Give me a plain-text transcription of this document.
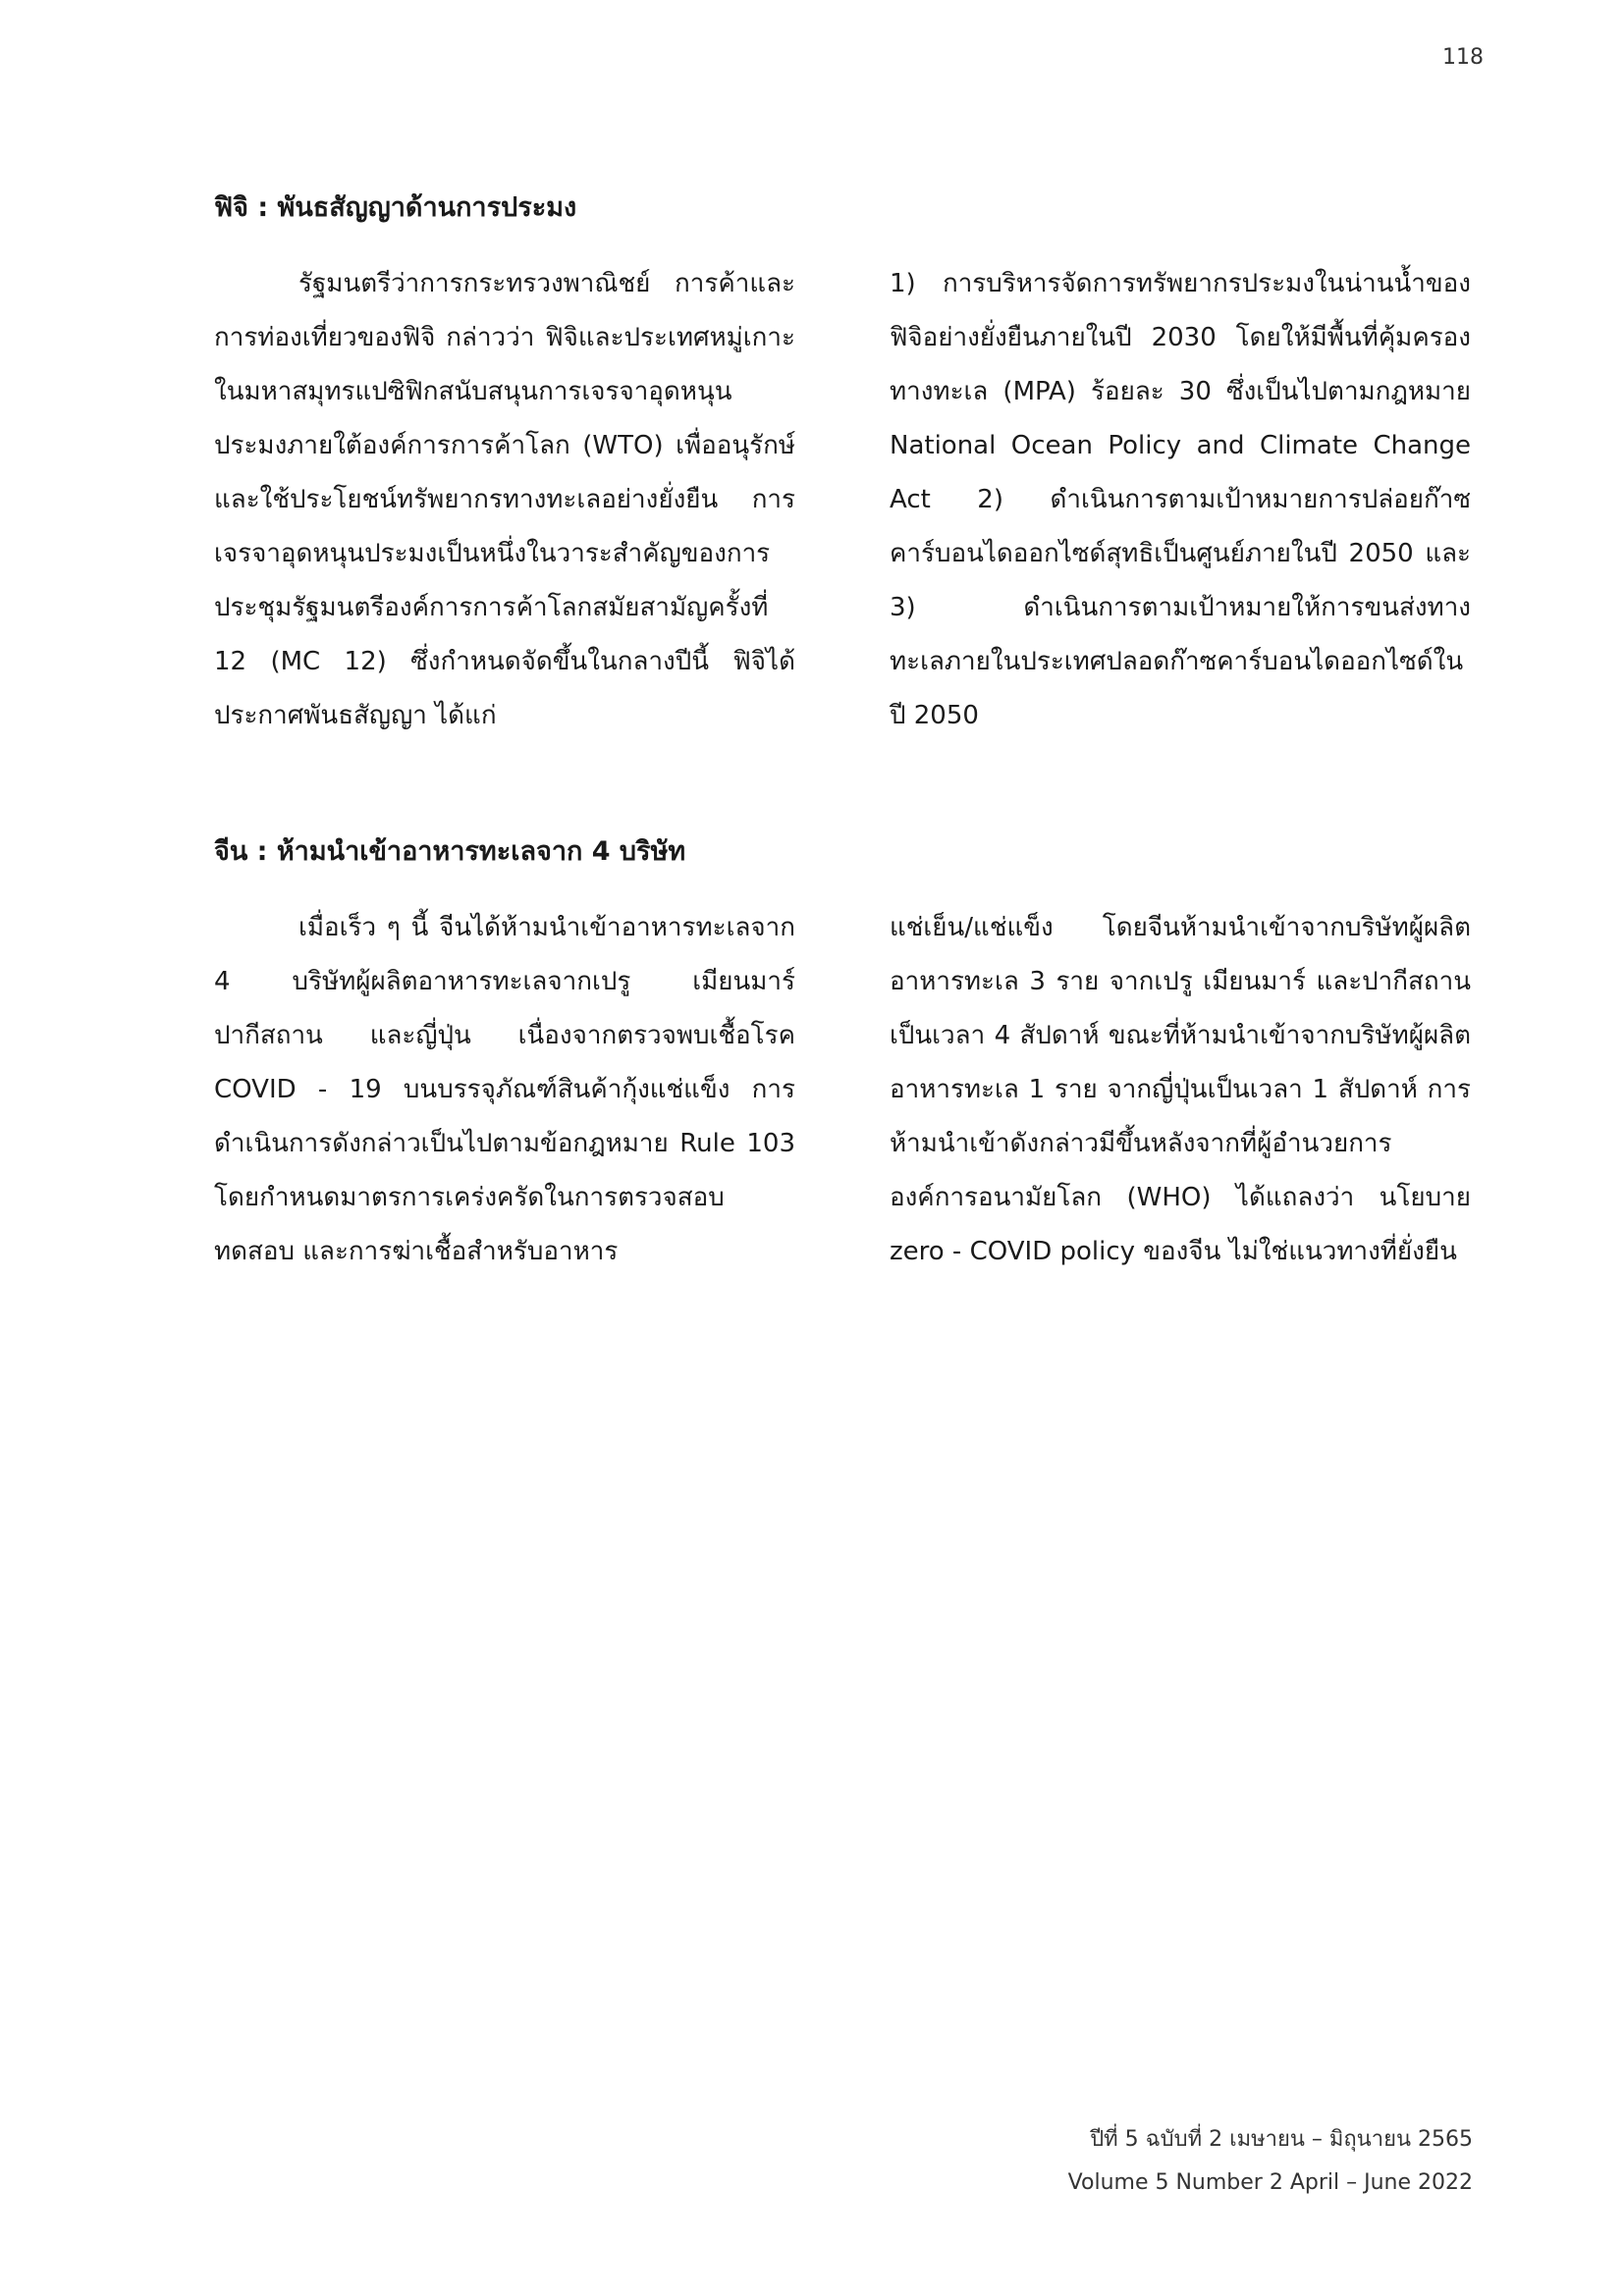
118
ฟิจิ : พันธสัญญาด้านการประมง

รัฐมนตรีว่าการกระทรวงพาณิชย์ การค้าและการท่องเที่ยวของฟิจิ กล่าวว่า ฟิจิและประเทศหมู่เกาะในมหาสมุทรแปซิฟิกสนับสนุนการเจรจาอุดหนุนประมงภายใต้องค์การการค้าโลก (WTO) เพื่ออนุรักษ์และใช้ประโยชน์ทรัพยากรทางทะเลอย่างยั่งยืน การเจรจาอุดหนุนประมงเป็นหนึ่งในวาระสำคัญของการประชุมรัฐมนตรีองค์การการค้าโลกสมัยสามัญครั้งที่ 12 (MC 12) ซึ่งกำหนดจัดขึ้นในกลางปีนี้ ฟิจิได้ประกาศพันธสัญญา ได้แก่

1) การบริหารจัดการทรัพยากรประมงในน่านน้ำของฟิจิอย่างยั่งยืนภายในปี 2030 โดยให้มีพื้นที่คุ้มครองทางทะเล (MPA) ร้อยละ 30 ซึ่งเป็นไปตามกฎหมาย National Ocean Policy and Climate Change Act 2) ดำเนินการตามเป้าหมายการปล่อยก๊าซคาร์บอนไดออกไซด์สุทธิเป็นศูนย์ภายในปี 2050 และ 3) ดำเนินการตามเป้าหมายให้การขนส่งทางทะเลภายในประเทศปลอดก๊าซคาร์บอนไดออกไซด์ในปี 2050

จีน : ห้ามนำเข้าอาหารทะเลจาก 4 บริษัท

เมื่อเร็ว ๆ นี้ จีนได้ห้ามนำเข้าอาหารทะเลจาก 4 บริษัทผู้ผลิตอาหารทะเลจากเปรู เมียนมาร์ ปากีสถาน และญี่ปุ่น เนื่องจากตรวจพบเชื้อโรค COVID - 19 บนบรรจุภัณฑ์สินค้ากุ้งแช่แข็ง การดำเนินการดังกล่าวเป็นไปตามข้อกฎหมาย Rule 103 โดยกำหนดมาตรการเคร่งครัดในการตรวจสอบ ทดสอบ และการฆ่าเชื้อสำหรับอาหาร

แช่เย็น/แช่แข็ง โดยจีนห้ามนำเข้าจากบริษัทผู้ผลิตอาหารทะเล 3 ราย จากเปรู เมียนมาร์ และปากีสถานเป็นเวลา 4 สัปดาห์ ขณะที่ห้ามนำเข้าจากบริษัทผู้ผลิตอาหารทะเล 1 ราย จากญี่ปุ่นเป็นเวลา 1 สัปดาห์ การห้ามนำเข้าดังกล่าวมีขึ้นหลังจากที่ผู้อำนวยการองค์การอนามัยโลก (WHO) ได้แถลงว่า นโยบาย zero - COVID policy ของจีน ไม่ใช่แนวทางที่ยั่งยืน

ปีที่ 5 ฉบับที่ 2 เมษายน – มิถุนายน 2565
Volume 5 Number 2 April – June 2022
